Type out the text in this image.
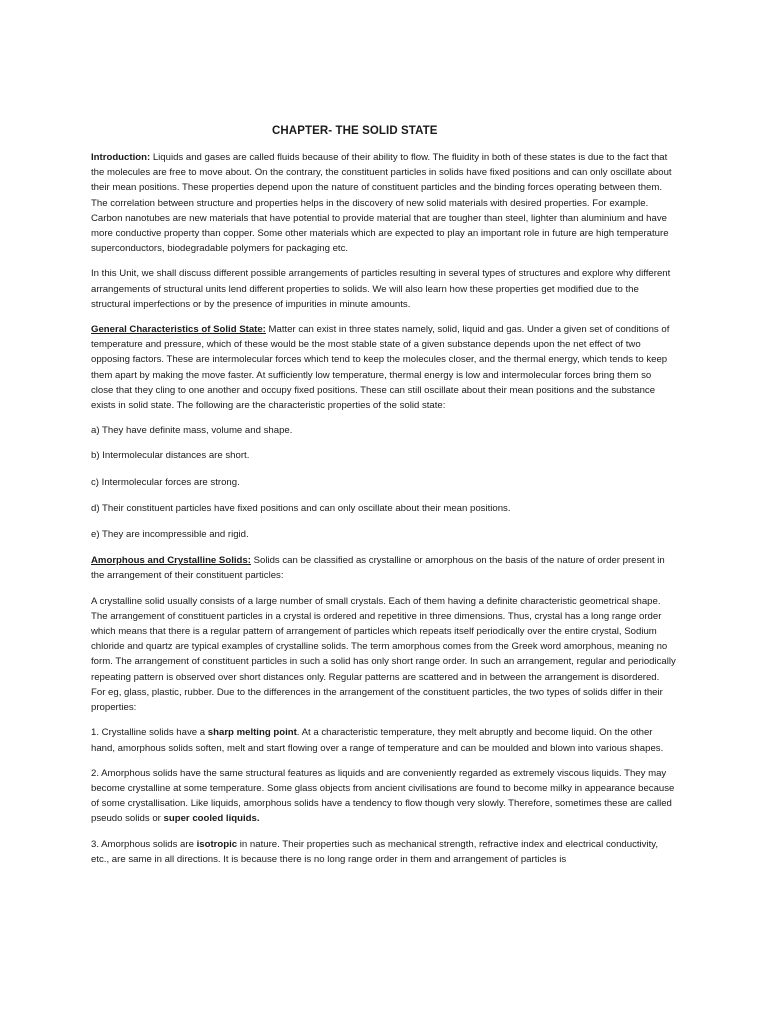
CHAPTER- THE SOLID STATE

Introduction: Liquids and gases are called fluids because of their ability to flow. The fluidity in both of these states is due to the fact that the molecules are free to move about. On the contrary, the constituent particles in solids have fixed positions and can only oscillate about their mean positions. These properties depend upon the nature of constituent particles and the binding forces operating between them. The correlation between structure and properties helps in the discovery of new solid materials with desired properties. For example. Carbon nanotubes are new materials that have potential to provide material that are tougher than steel, lighter than aluminium and have more conductive property than copper. Some other materials which are expected to play an important role in future are high temperature superconductors, biodegradable polymers for packaging etc.

In this Unit, we shall discuss different possible arrangements of particles resulting in several types of structures and explore why different arrangements of structural units lend different properties to solids. We will also learn how these properties get modified due to the structural imperfections or by the presence of impurities in minute amounts.

General Characteristics of Solid State: Matter can exist in three states namely, solid, liquid and gas. Under a given set of conditions of temperature and pressure, which of these would be the most stable state of a given substance depends upon the net effect of two opposing factors. These are intermolecular forces which tend to keep the molecules closer, and the thermal energy, which tends to keep them apart by making the move faster. At sufficiently low temperature, thermal energy is low and intermolecular forces bring them so close that they cling to one another and occupy fixed positions. These can still oscillate about their mean positions and the substance exists in solid state. The following are the characteristic properties of the solid state:

a) They have definite mass, volume and shape.
b) Intermolecular distances are short.
c) Intermolecular forces are strong.
d) Their constituent particles have fixed positions and can only oscillate about their mean positions.
e) They are incompressible and rigid.

Amorphous and Crystalline Solids: Solids can be classified as crystalline or amorphous on the basis of the nature of order present in the arrangement of their constituent particles:

A crystalline solid usually consists of a large number of small crystals. Each of them having a definite characteristic geometrical shape. The arrangement of constituent particles in a crystal is ordered and repetitive in three dimensions. Thus, crystal has a long range order which means that there is a regular pattern of arrangement of particles which repeats itself periodically over the entire crystal, Sodium chloride and quartz are typical examples of crystalline solids. The term amorphous comes from the Greek word amorphous, meaning no form. The arrangement of constituent particles in such a solid has only short range order. In such an arrangement, regular and periodically repeating pattern is observed over short distances only. Regular patterns are scattered and in between the arrangement is disordered. For eg, glass, plastic, rubber. Due to the differences in the arrangement of the constituent particles, the two types of solids differ in their properties:

1. Crystalline solids have a sharp melting point. At a characteristic temperature, they melt abruptly and become liquid. On the other hand, amorphous solids soften, melt and start flowing over a range of temperature and can be moulded and blown into various shapes.

2. Amorphous solids have the same structural features as liquids and are conveniently regarded as extremely viscous liquids. They may become crystalline at some temperature. Some glass objects from ancient civilisations are found to become milky in appearance because of some crystallisation. Like liquids, amorphous solids have a tendency to flow though very slowly. Therefore, sometimes these are called pseudo solids or super cooled liquids.

3. Amorphous solids are isotropic in nature. Their properties such as mechanical strength, refractive index and electrical conductivity, etc., are same in all directions. It is because there is no long range order in them and arrangement of particles is
